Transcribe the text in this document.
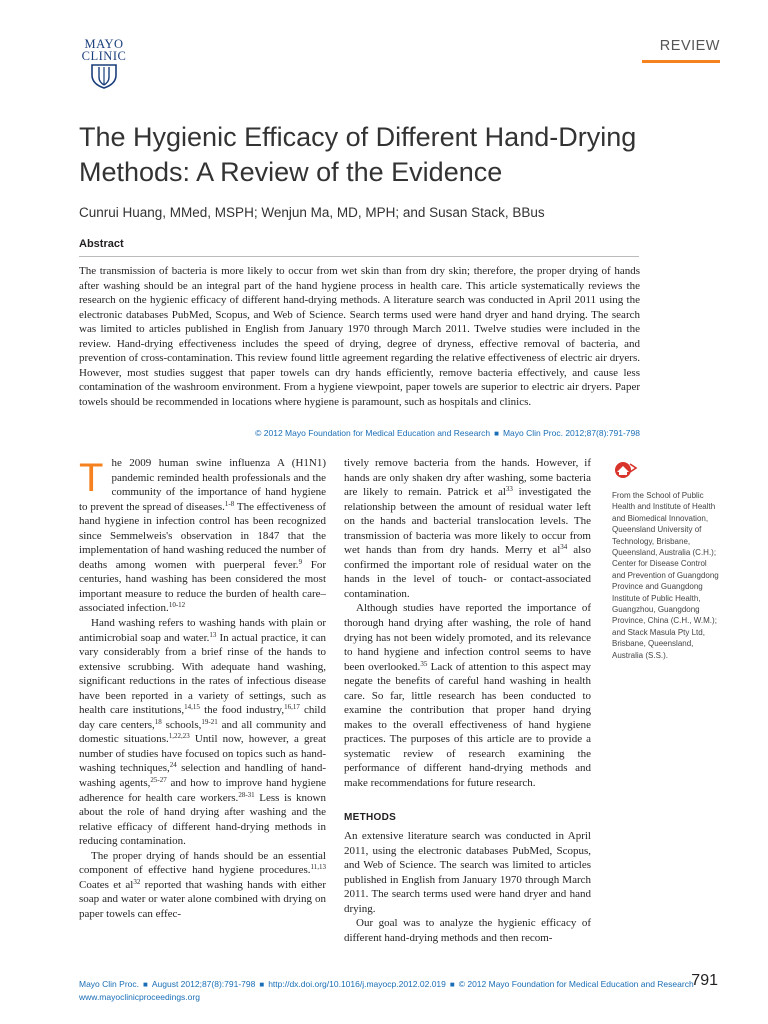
MAYO
CLINIC
REVIEW
The Hygienic Efficacy of Different Hand-Drying Methods: A Review of the Evidence
Cunrui Huang, MMed, MSPH; Wenjun Ma, MD, MPH; and Susan Stack, BBus
Abstract

The transmission of bacteria is more likely to occur from wet skin than from dry skin; therefore, the proper drying of hands after washing should be an integral part of the hand hygiene process in health care. This article systematically reviews the research on the hygienic efficacy of different hand-drying methods. A literature search was conducted in April 2011 using the electronic databases PubMed, Scopus, and Web of Science. Search terms used were hand dryer and hand drying. The search was limited to articles published in English from January 1970 through March 2011. Twelve studies were included in the review. Hand-drying effectiveness includes the speed of drying, degree of dryness, effective removal of bacteria, and prevention of cross-contamination. This review found little agreement regarding the relative effectiveness of electric air dryers. However, most studies suggest that paper towels can dry hands efficiently, remove bacteria effectively, and cause less contamination of the washroom environment. From a hygiene viewpoint, paper towels are superior to electric air dryers. Paper towels should be recommended in locations where hygiene is paramount, such as hospitals and clinics.

© 2012 Mayo Foundation for Medical Education and Research ■ Mayo Clin Proc. 2012;87(8):791-798

The 2009 human swine influenza A (H1N1) pandemic reminded health professionals and the community of the importance of hand hygiene to prevent the spread of diseases.$^{1-8}$ The effectiveness of hand hygiene in infection control has been recognized since Semmelweis's observation in 1847 that the implementation of hand washing reduced the number of deaths among women with puerperal fever.$^9$ For centuries, hand washing has been considered the most important measure to reduce the burden of health care–associated infection.$^{10-12}$

Hand washing refers to washing hands with plain or antimicrobial soap and water.$^{13}$ In actual practice, it can vary considerably from a brief rinse of the hands to extensive scrubbing. With adequate hand washing, significant reductions in the rates of infectious disease have been reported in a variety of settings, such as health care institutions,$^{14,15}$ the food industry,$^{16,17}$ child day care centers,$^{18}$ schools,$^{19-21}$ and all community and domestic situations.$^{1,22,23}$ Until now, however, a great number of studies have focused on topics such as hand-washing techniques,$^{24}$ selection and handling of hand-washing agents,$^{25-27}$ and how to improve hand hygiene adherence for health care workers.$^{28-31}$ Less is known about the role of hand drying after washing and the relative efficacy of different hand-drying methods in reducing contamination.

The proper drying of hands should be an essential component of effective hand hygiene procedures.$^{11,13}$ Coates et $al^{32}$ reported that washing hands with either soap and water or water alone combined with drying on paper towels can effec-

tively remove bacteria from the hands. However, if hands are only shaken dry after washing, some bacteria are likely to remain. Patrick et $al^{33}$ investigated the relationship between the amount of residual water left on the hands and bacterial translocation levels. The transmission of bacteria was more likely to occur from wet hands than from dry hands. Merry et $al^{34}$ also confirmed the important role of residual water on the hands in the level of touch- or contact-associated contamination.

Although studies have reported the importance of thorough hand drying after washing, the role of hand drying has not been widely promoted, and its relevance to hand hygiene and infection control seems to have been overlooked.$^{35}$ Lack of attention to this aspect may negate the benefits of careful hand washing in health care. So far, little research has been conducted to examine the contribution that proper hand drying makes to the overall effectiveness of hand hygiene practices. The purposes of this article are to provide a systematic review of research examining the performance of different hand-drying methods and make recommendations for future research.

METHODS

An extensive literature search was conducted in April 2011, using the electronic databases PubMed, Scopus, and Web of Science. The search was limited to articles published in English from January 1970 through March 2011. The search terms used were hand dryer and hand drying.

Our goal was to analyze the hygienic efficacy of different hand-drying methods and then recom-

From the School of Public Health and Institute of Health and Biomedical Innovation, Queensland University of Technology, Brisbane, Queensland, Australia (C.H.); Center for Disease Control and Prevention of Guangdong Province and Guangdong Institute of Public Health, Guangzhou, Guangdong Province, China (C.H., W.M.); and Stack Masula Pty Ltd, Brisbane, Queensland, Australia (S.S.).
Mayo Clin Proc. ■ August 2012;87(8):791-798 ■ http://dx.doi.org/10.1016/j.mayocp.2012.02.019 ■ © 2012 Mayo Foundation for Medical Education and Research
www.mayoclinicproceedings.org
791
